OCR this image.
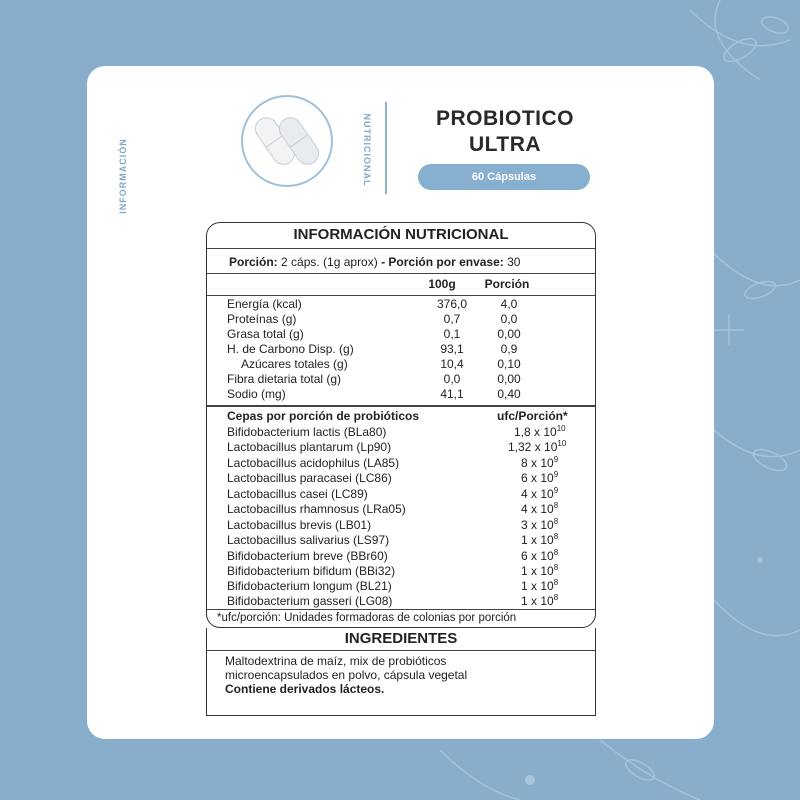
INFORMACIÓN	NUTRICIONAL	PROBIOTICO
ULTRA
60 Cápsulas
INFORMACIÓN NUTRICIONAL
Porción: 2 cáps. (1g aprox) - Porción por envase: 30
100g	Porción
Energía (kcal)	376,0	4,0
Proteínas (g)	0,7	0,0
Grasa total (g)	0,1	0,00
H. de Carbono Disp. (g)	93,1	0,9
Azúcares totales (g)	10,4	0,10
Fibra dietaria total (g)	0,0	0,00
Sodio (mg)	41,1	0,40
Cepas por porción de probióticos	ufc/Porción*
Bifidobacterium lactis (BLa80)	1,8 x $10^{10}$
Lactobacillus plantarum (Lp90)	1,32 x $10^{10}$
Lactobacillus acidophilus (LA85)	8 x $10^9$
Lactobacillus paracasei (LC86)	6 x $10^9$
Lactobacillus casei (LC89)	4 x $10^9$
Lactobacillus rhamnosus (LRa05)	4 x $10^8$
Lactobacillus brevis (LB01)	3 x $10^8$
Lactobacillus salivarius (LS97)	1 x $10^8$
Bifidobacterium breve (BBr60)	6 x $10^8$
Bifidobacterium bifidum (BBi32)	1 x $10^8$
Bifidobacterium longum (BL21)	1 x $10^8$
Bifidobacterium gasseri (LG08)	1 x $10^8$
*ufc/porción: Unidades formadoras de colonias por porción
INGREDIENTES
Maltodextrina de maíz, mix de probióticos
microencapsulados en polvo, cápsula vegetal
Contiene derivados lácteos.
